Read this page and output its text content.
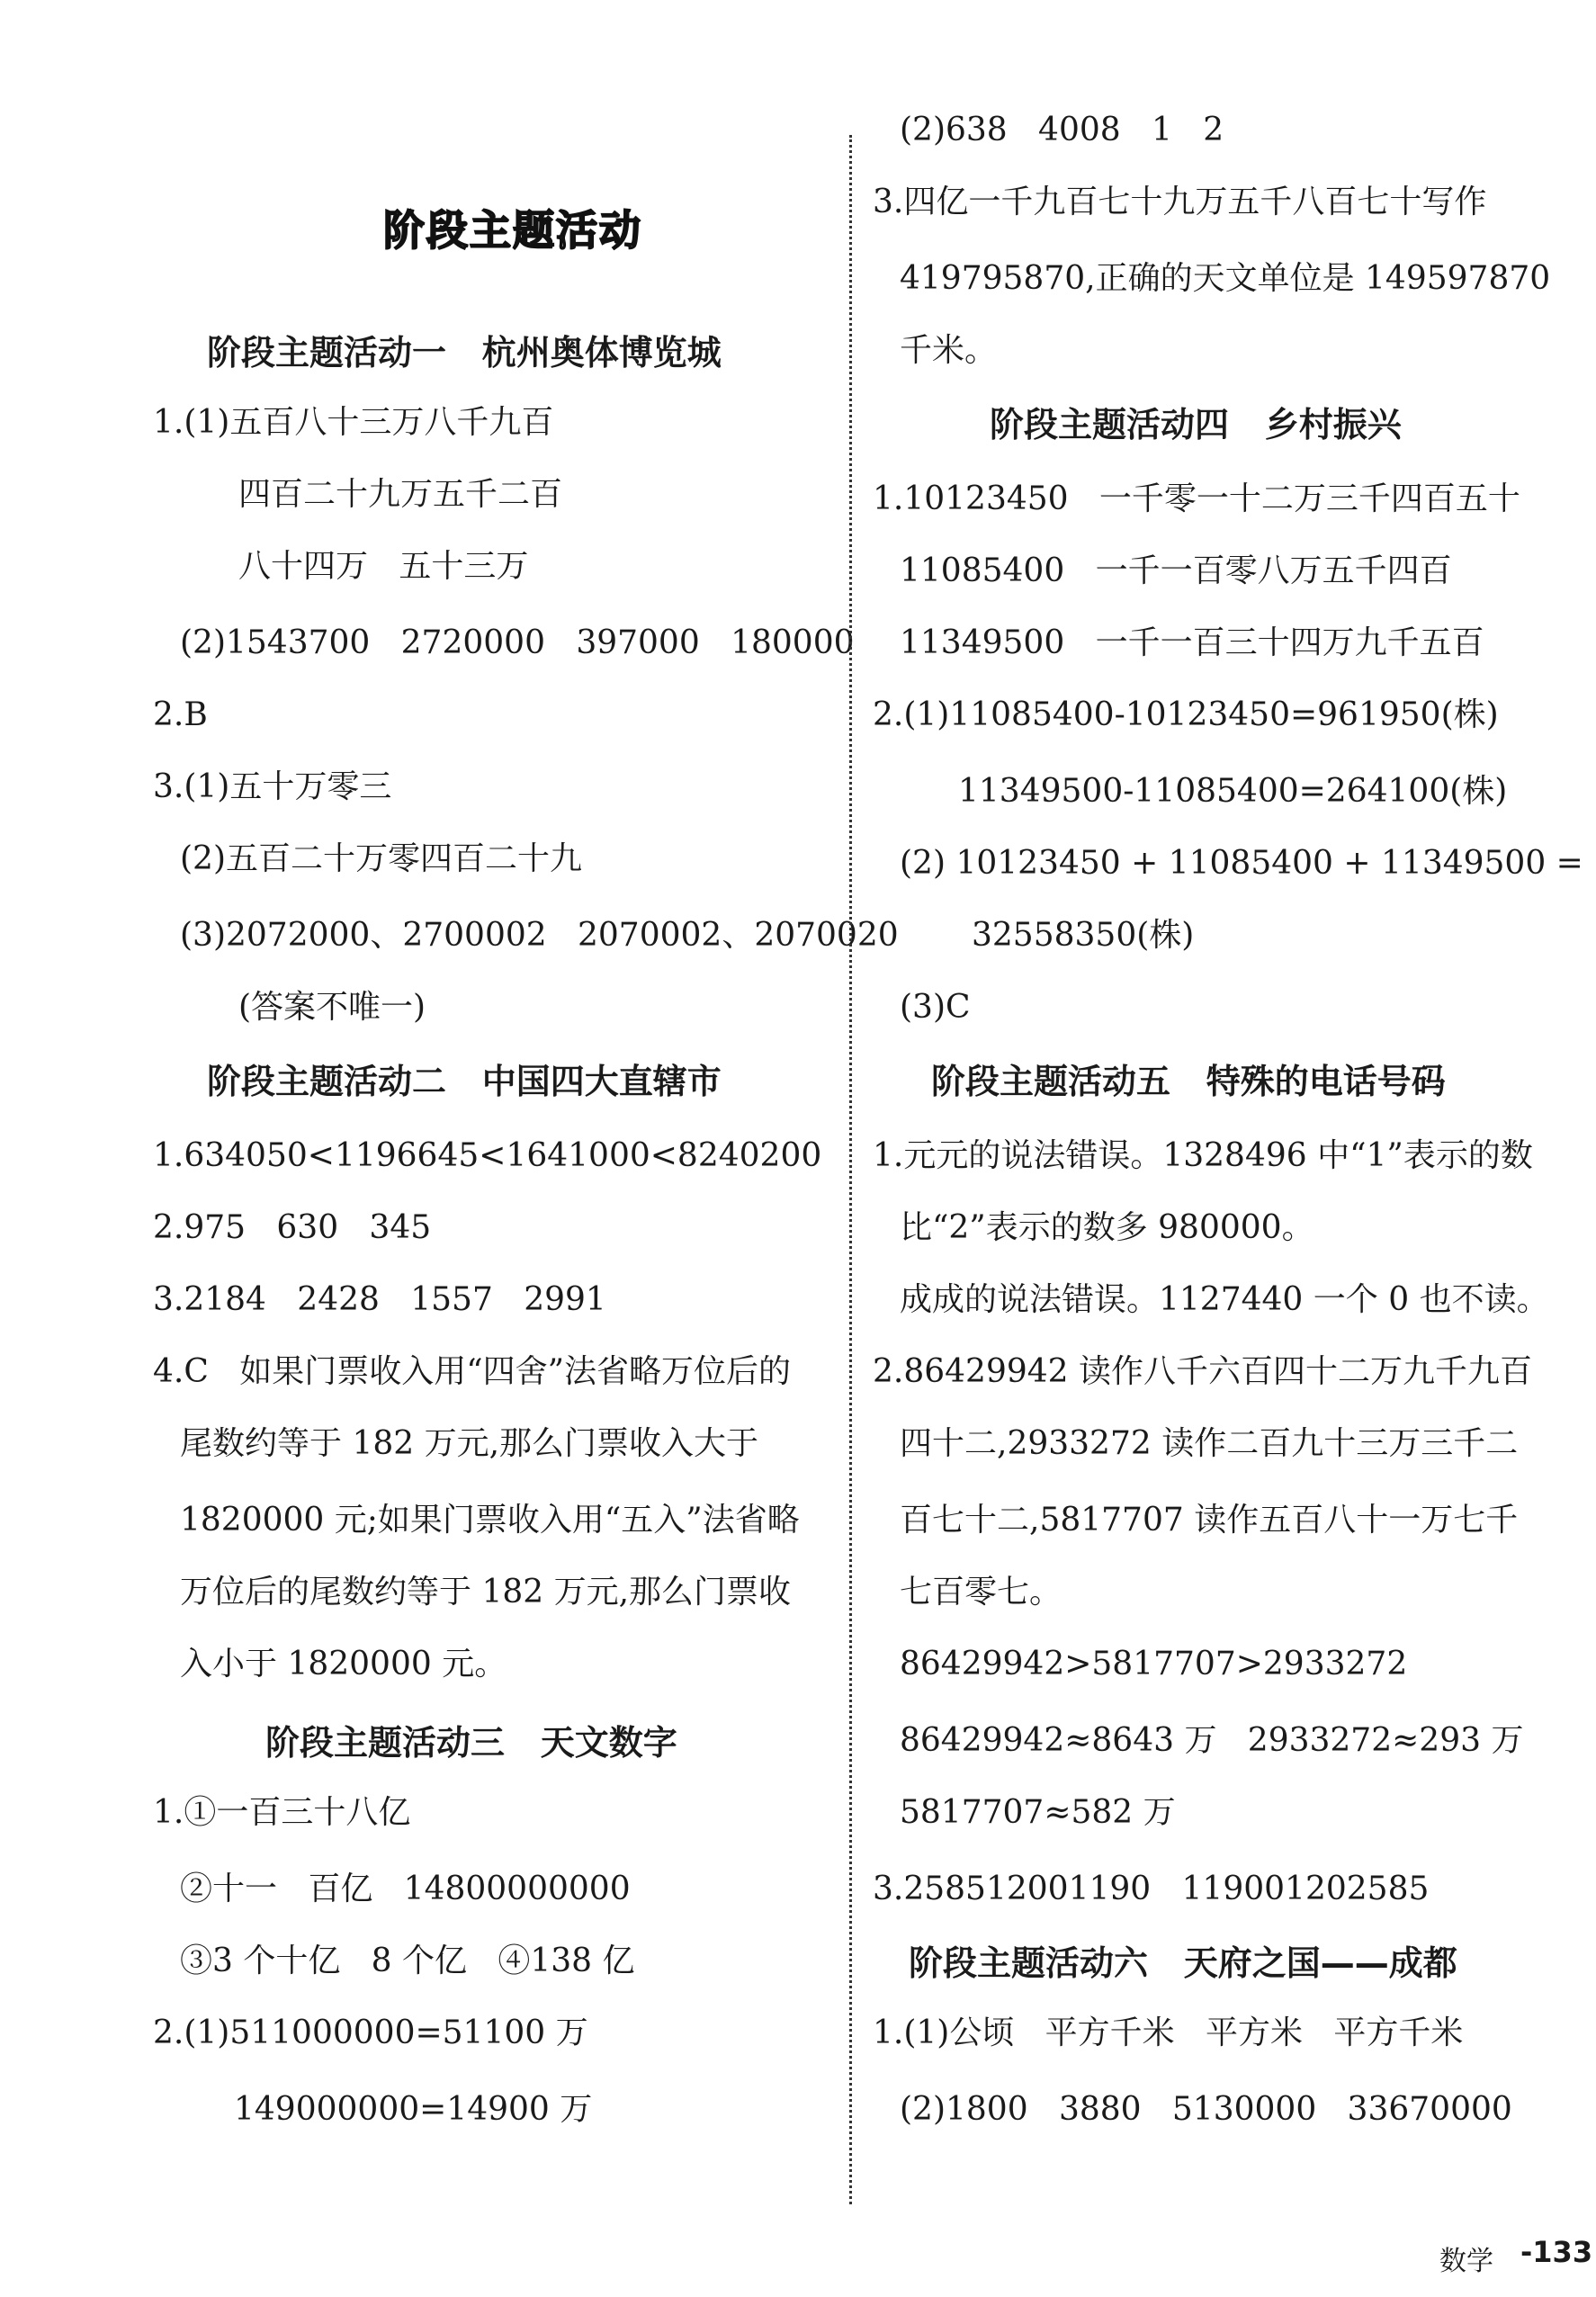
阶段主题活动
阶段主题活动一   杭州奥体博览城
1.(1)五百八十三万八千九百
四百二十九万五千二百
八十四万   五十三万
(2)1543700   2720000   397000   180000
2.B
3.(1)五十万零三
(2)五百二十万零四百二十九
(3)2072000、2700002   2070002、2070020
(答案不唯一)
阶段主题活动二   中国四大直辖市
1.634050<1196645<1641000<8240200
2.975   630   345
3.2184   2428   1557   2991
4.C   如果门票收入用“四舍”法省略万位后的
尾数约等于 182 万元,那么门票收入大于
1820000 元;如果门票收入用“五入”法省略
万位后的尾数约等于 182 万元,那么门票收
入小于 1820000 元。
阶段主题活动三   天文数字
1.①一百三十八亿
②十一   百亿   14800000000
③3 个十亿   8 个亿   ④138 亿
2.(1)511000000=51100 万
149000000=14900 万
(2)638   4008   1   2
3.四亿一千九百七十九万五千八百七十写作
419795870,正确的天文单位是 149597870
千米。
阶段主题活动四   乡村振兴
1.10123450   一千零一十二万三千四百五十
11085400   一千一百零八万五千四百
11349500   一千一百三十四万九千五百
2.(1)11085400-10123450=961950(株)
11349500-11085400=264100(株)
(2) 10123450 + 11085400 + 11349500 =
32558350(株)
(3)C
阶段主题活动五   特殊的电话号码
1.元元的说法错误。1328496 中“1”表示的数
比“2”表示的数多 980000。
成成的说法错误。1127440 一个 0 也不读。
2.86429942 读作八千六百四十二万九千九百
四十二,2933272 读作二百九十三万三千二
百七十二,5817707 读作五百八十一万七千
七百零七。
86429942>5817707>2933272
86429942≈8643 万   2933272≈293 万
5817707≈582 万
3.258512001190   119001202585
阶段主题活动六   天府之国——成都
1.(1)公顷   平方千米   平方米   平方千米
(2)1800   3880   5130000   33670000
数学 -133
